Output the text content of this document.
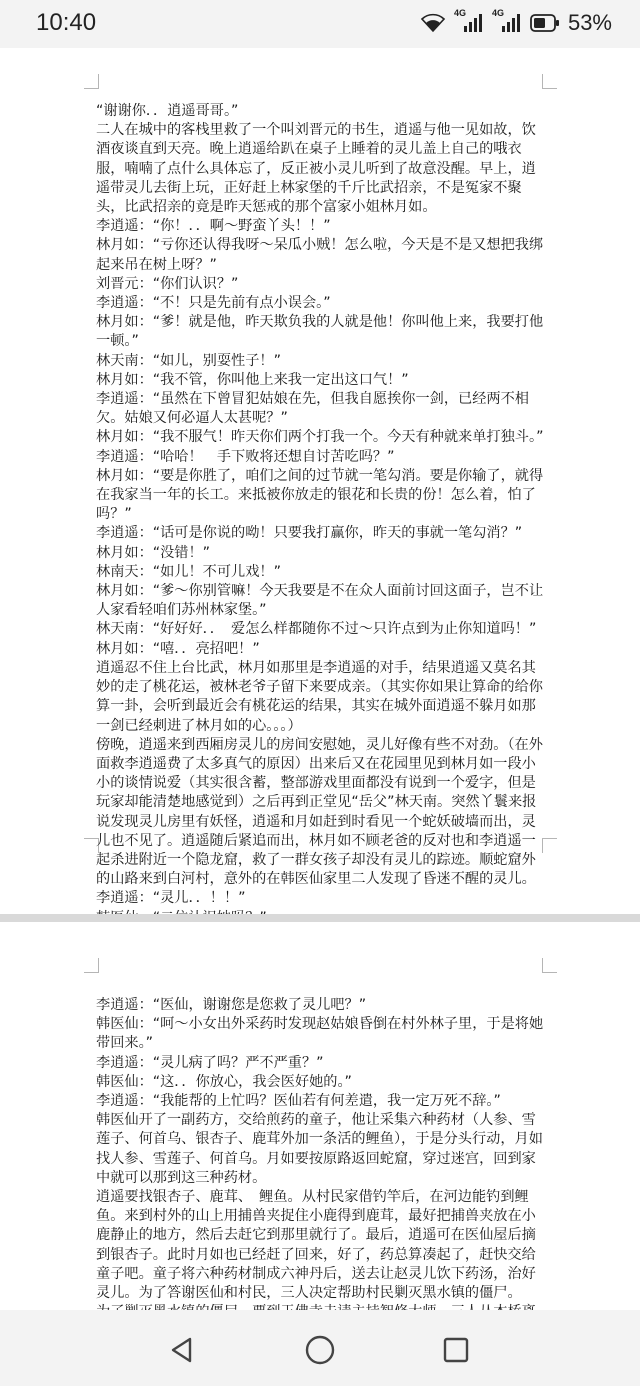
10:40	4G	4G	53%

“谢谢你．．逍遥哥哥。”

二人在城中的客栈里救了一个叫刘晋元的书生，逍遥与他一见如故，饮酒夜谈直到天亮。晚上逍遥给趴在桌子上睡着的灵儿盖上自己的哦衣服，喃喃了点什么具体忘了，反正被小灵儿听到了故意没醒。早上，逍遥带灵儿去街上玩，正好赶上林家堡的千斤比武招亲，不是冤家不聚头，比武招亲的竟是昨天惩戒的那个富家小姐林月如。

李逍遥：“你！．．啊～野蛮丫头！！”

林月如：“亏你还认得我呀～呆瓜小贼！怎么啦，今天是不是又想把我绑起来吊在树上呀？”

刘晋元：“你们认识？”

李逍遥：“不！只是先前有点小误会。”

林月如：“爹！就是他，昨天欺负我的人就是他！你叫他上来，我要打他一顿。”

林天南：“如儿，别耍性子！”

林月如：“我不管，你叫他上来我一定出这口气！”

李逍遥：“虽然在下曾冒犯姑娘在先，但我自愿挨你一剑，已经两不相欠。姑娘又何必逼人太甚呢？”

林月如：“我不服气！昨天你们两个打我一个。今天有种就来单打独斗。”

李逍遥：“哈哈！　手下败将还想自讨苦吃吗？”

林月如：“要是你胜了，咱们之间的过节就一笔勾消。要是你输了，就得在我家当一年的长工。来抵被你放走的银花和长贵的份！怎么着，怕了吗？”

李逍遥：“话可是你说的呦！只要我打赢你，昨天的事就一笔勾消？”

林月如：“没错！”

林南天：“如儿！不可儿戏！”

林月如：“爹～你别管嘛！今天我要是不在众人面前讨回这面子，岂不让人家看轻咱们苏州林家堡。”

林天南：“好好好．．　爱怎么样都随你不过～只许点到为止你知道吗！”

林月如：“嘻．．亮招吧！”

逍遥忍不住上台比武，林月如那里是李逍遥的对手，结果逍遥又莫名其妙的走了桃花运，被林老爷子留下来要成亲。（其实你如果让算命的给你算一卦，会听到最近会有桃花运的结果，其实在城外面逍遥不躲月如那一剑已经刺进了林月如的心。。。）

傍晚，逍遥来到西厢房灵儿的房间安慰她，灵儿好像有些不对劲。（在外面救李逍遥费了太多真气的原因）出来后又在花园里见到林月如一段小小的谈情说爱（其实很含蓄，整部游戏里面都没有说到一个爱字，但是玩家却能清楚地感觉到）之后再到正堂见“岳父”林天南。突然丫鬟来报说发现灵儿房里有妖怪，逍遥和月如赶到时看见一个蛇妖破墙而出，灵儿也不见了。逍遥随后紧追而出，林月如不顾老爸的反对也和李逍遥一起杀进附近一个隐龙窟，救了一群女孩子却没有灵儿的踪迹。顺蛇窟外的山路来到白河村，意外的在韩医仙家里二人发现了昏迷不醒的灵儿。

李逍遥：“灵儿．．！！”

李逍遥：“医仙，谢谢您是您救了灵儿吧？”

韩医仙：“呵～小女出外采药时发现赵姑娘昏倒在村外林子里，于是将她带回来。”

李逍遥：“灵儿病了吗？严不严重？”

韩医仙：“这．．你放心，我会医好她的。”

李逍遥：“我能帮的上忙吗？医仙若有何差遣，我一定万死不辞。”

韩医仙开了一副药方，交给煎药的童子，他让采集六种药材（人参、雪莲子、何首乌、银杏子、鹿茸外加一条活的鲤鱼），于是分头行动，月如找人参、雪莲子、何首乌。月如要按原路返回蛇窟，穿过迷宫，回到家中就可以那到这三种药材。

逍遥要找银杏子、鹿茸、　鲤鱼。从村民家借钓竿后，在河边能钓到鲤鱼。来到村外的山上用捕兽夹捉住小鹿得到鹿茸，最好把捕兽夹放在小鹿静止的地方，然后去赶它到那里就行了。最后，逍遥可在医仙屋后摘到银杏子。此时月如也已经赶了回来，好了，药总算凑起了，赶快交给童子吧。童子将六种药材制成六神丹后，送去让赵灵儿饮下药汤，治好灵儿。为了答谢医仙和村民，三人决定帮助村民剿灭黑水镇的僵尸。
